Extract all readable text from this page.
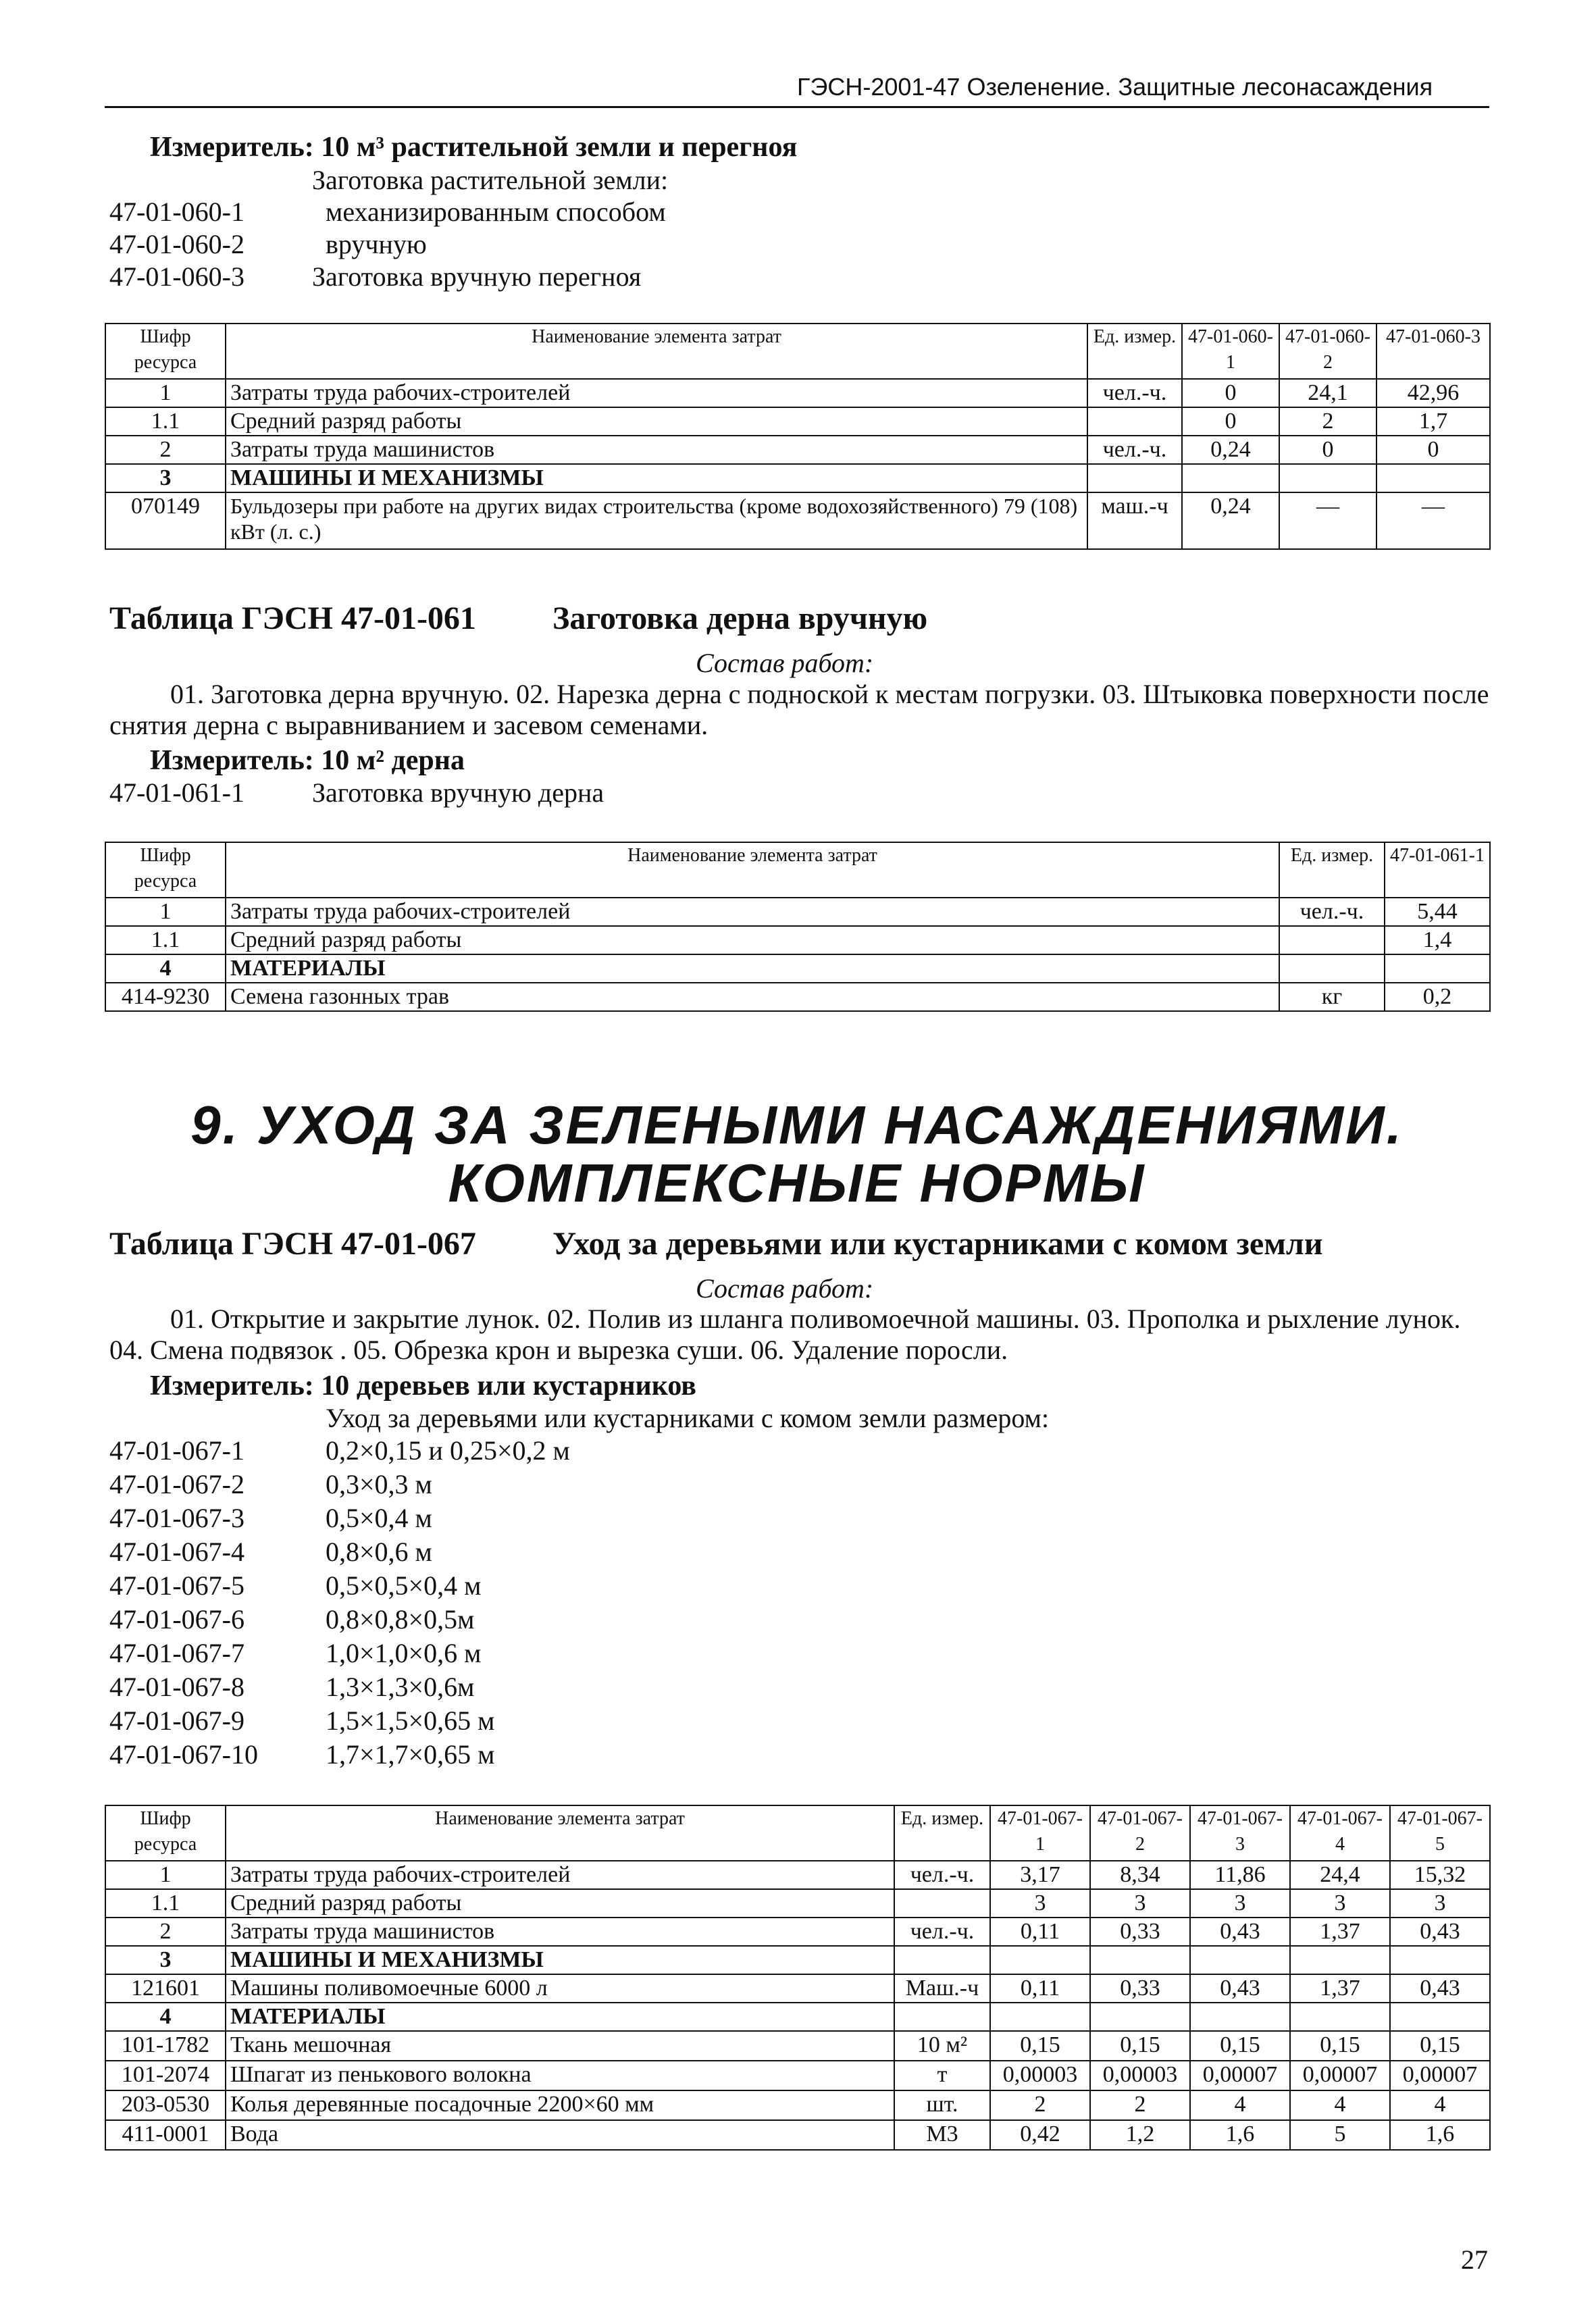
ГЭСН-2001-47 Озеленение. Защитные лесонасаждения
Измеритель: 10 м³ растительной земли и перегноя
Заготовка растительной земли:
47-01-060-1	механизированным способом
47-01-060-2	вручную
47-01-060-3	Заготовка вручную перегноя
Шифр ресурса	Наименование элемента затрат	Ед. измер.	47-01-060-1	47-01-060-2	47-01-060-3
1	Затраты труда рабочих-строителей	чел.-ч.	0	24,1	42,96
1.1	Средний разряд работы		0	2	1,7
2	Затраты труда машинистов	чел.-ч.	0,24	0	0
3	МАШИНЫ И МЕХАНИЗМЫ				
070149	Бульдозеры при работе на других видах строительства (кроме водохозяйственного) 79 (108) кВт (л. с.)	маш.-ч	0,24	—	—
Таблица ГЭСН 47-01-061 Заготовка дерна вручную
Состав работ:
01. Заготовка дерна вручную. 02. Нарезка дерна с подноской к местам погрузки. 03. Штыковка поверхности после снятия дерна с выравниванием и засевом семенами.
Измеритель: 10 м² дерна
47-01-061-1	Заготовка вручную дерна
Шифр ресурса	Наименование элемента затрат	Ед. измер.	47-01-061-1
1	Затраты труда рабочих-строителей	чел.-ч.	5,44
1.1	Средний разряд работы		1,4
4	МАТЕРИАЛЫ		
414-9230	Семена газонных трав	кг	0,2
9. УХОД ЗА ЗЕЛЕНЫМИ НАСАЖДЕНИЯМИ.
КОМПЛЕКСНЫЕ НОРМЫ
Таблица ГЭСН 47-01-067 Уход за деревьями или кустарниками с комом земли
Состав работ:
01. Открытие и закрытие лунок. 02. Полив из шланга поливомоечной машины. 03. Прополка и рыхление лунок. 04. Смена подвязок . 05. Обрезка крон и вырезка суши. 06. Удаление поросли.
Измеритель: 10 деревьев или кустарников
Уход за деревьями или кустарниками с комом земли размером:
47-01-067-1	0,2×0,15 и 0,25×0,2 м
47-01-067-2	0,3×0,3 м
47-01-067-3	0,5×0,4 м
47-01-067-4	0,8×0,6 м
47-01-067-5	0,5×0,5×0,4 м
47-01-067-6	0,8×0,8×0,5м
47-01-067-7	1,0×1,0×0,6 м
47-01-067-8	1,3×1,3×0,6м
47-01-067-9	1,5×1,5×0,65 м
47-01-067-10	1,7×1,7×0,65 м
Шифр ресурса	Наименование элемента затрат	Ед. измер.	47-01-067-1	47-01-067-2	47-01-067-3	47-01-067-4	47-01-067-5
1	Затраты труда рабочих-строителей	чел.-ч.	3,17	8,34	11,86	24,4	15,32
1.1	Средний разряд работы		3	3	3	3	3
2	Затраты труда машинистов	чел.-ч.	0,11	0,33	0,43	1,37	0,43
3	МАШИНЫ И МЕХАНИЗМЫ						
121601	Машины поливомоечные 6000 л	Маш.-ч	0,11	0,33	0,43	1,37	0,43
4	МАТЕРИАЛЫ						
101-1782	Ткань мешочная	10 м²	0,15	0,15	0,15	0,15	0,15
101-2074	Шпагат из пенькового волокна	т	0,00003	0,00003	0,00007	0,00007	0,00007
203-0530	Колья деревянные посадочные 2200×60 мм	шт.	2	2	4	4	4
411-0001	Вода	М3	0,42	1,2	1,6	5	1,6
27
